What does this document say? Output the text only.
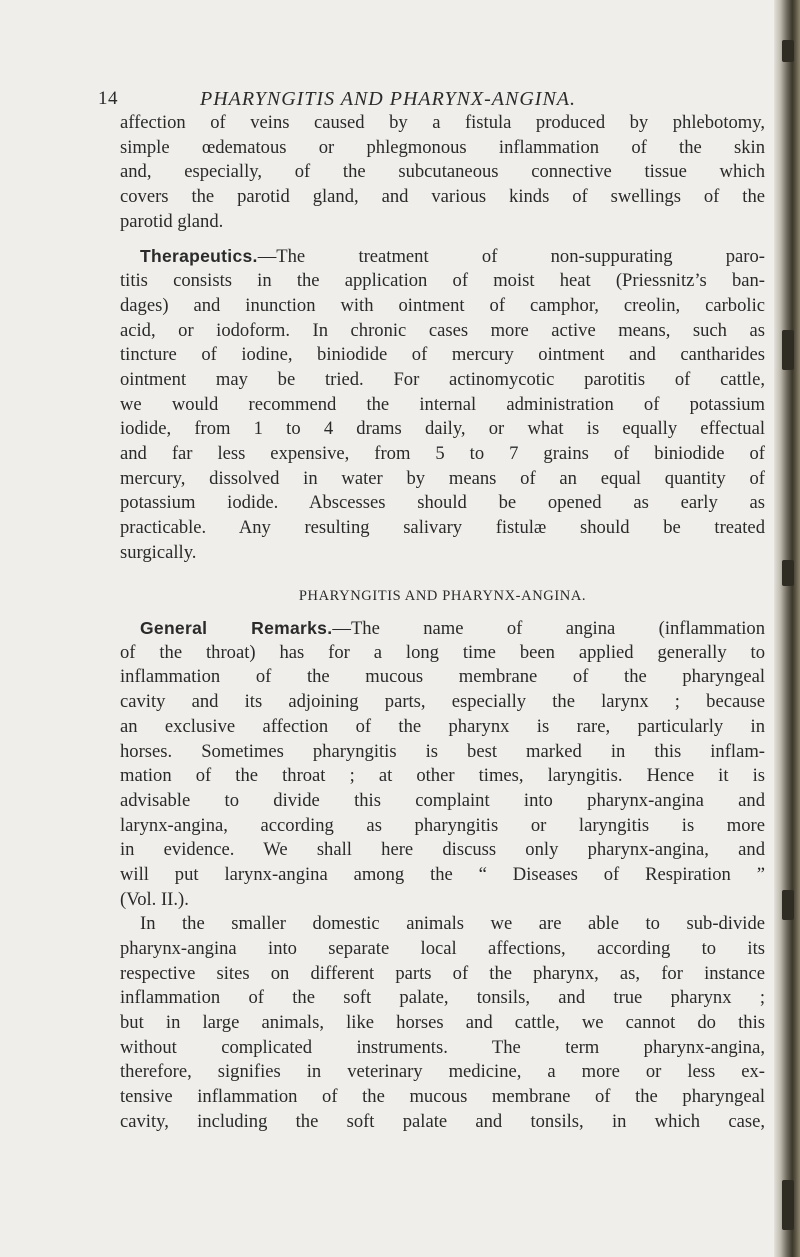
14	PHARYNGITIS AND PHARYNX-ANGINA.
affection of veins caused by a fistula produced by phlebotomy,
simple œdematous or phlegmonous inflammation of the skin
and, especially, of the subcutaneous connective tissue which
covers the parotid gland, and various kinds of swellings of the
parotid gland.
Therapeutics.—The treatment of non-suppurating paro-
titis consists in the application of moist heat (Priessnitz’s ban-
dages) and inunction with ointment of camphor, creolin, carbolic
acid, or iodoform. In chronic cases more active means, such as
tincture of iodine, biniodide of mercury ointment and cantharides
ointment may be tried. For actinomycotic parotitis of cattle,
we would recommend the internal administration of potassium
iodide, from 1 to 4 drams daily, or what is equally effectual
and far less expensive, from 5 to 7 grains of biniodide of
mercury, dissolved in water by means of an equal quantity of
potassium iodide. Abscesses should be opened as early as
practicable. Any resulting salivary fistulæ should be treated
surgically.
PHARYNGITIS AND PHARYNX-ANGINA.
General Remarks.—The name of angina (inflammation
of the throat) has for a long time been applied generally to
inflammation of the mucous membrane of the pharyngeal
cavity and its adjoining parts, especially the larynx ; because
an exclusive affection of the pharynx is rare, particularly in
horses. Sometimes pharyngitis is best marked in this inflam-
mation of the throat ; at other times, laryngitis. Hence it is
advisable to divide this complaint into pharynx-angina and
larynx-angina, according as pharyngitis or laryngitis is more
in evidence. We shall here discuss only pharynx-angina, and
will put larynx-angina among the “ Diseases of Respiration ”
(Vol. II.).
In the smaller domestic animals we are able to sub-divide
pharynx-angina into separate local affections, according to its
respective sites on different parts of the pharynx, as, for instance
inflammation of the soft palate, tonsils, and true pharynx ;
but in large animals, like horses and cattle, we cannot do this
without complicated instruments. The term pharynx-angina,
therefore, signifies in veterinary medicine, a more or less ex-
tensive inflammation of the mucous membrane of the pharyngeal
cavity, including the soft palate and tonsils, in which case,
